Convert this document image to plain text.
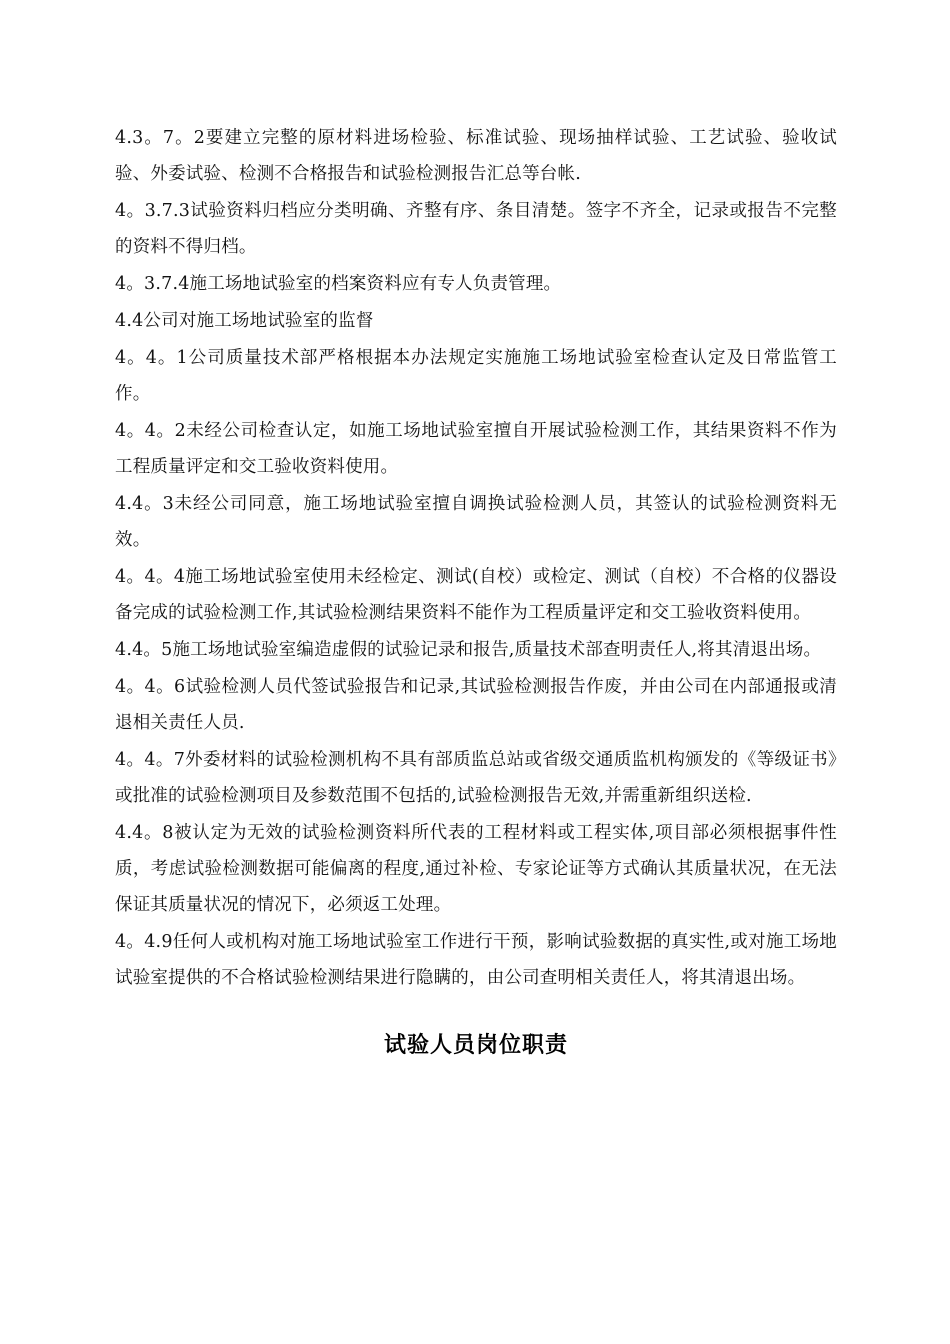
4.3。7。2要建立完整的原材料进场检验、标准试验、现场抽样试验、工艺试验、验收试验、外委试验、检测不合格报告和试验检测报告汇总等台帐.

4。3.7.3试验资料归档应分类明确、齐整有序、条目清楚。签字不齐全，记录或报告不完整的资料不得归档。

4。3.7.4施工场地试验室的档案资料应有专人负责管理。

4.4公司对施工场地试验室的监督

4。4。1公司质量技术部严格根据本办法规定实施施工场地试验室检查认定及日常监管工作。

4。4。2未经公司检查认定，如施工场地试验室擅自开展试验检测工作，其结果资料不作为工程质量评定和交工验收资料使用。

4.4。3未经公司同意，施工场地试验室擅自调换试验检测人员，其签认的试验检测资料无效。

4。4。4施工场地试验室使用未经检定、测试(自校）或检定、测试（自校）不合格的仪器设备完成的试验检测工作,其试验检测结果资料不能作为工程质量评定和交工验收资料使用。

4.4。5施工场地试验室编造虚假的试验记录和报告,质量技术部查明责任人,将其清退出场。

4。4。6试验检测人员代签试验报告和记录,其试验检测报告作废，并由公司在内部通报或清退相关责任人员.

4。4。7外委材料的试验检测机构不具有部质监总站或省级交通质监机构颁发的《等级证书》或批准的试验检测项目及参数范围不包括的,试验检测报告无效,并需重新组织送检.

4.4。8被认定为无效的试验检测资料所代表的工程材料或工程实体,项目部必须根据事件性质，考虑试验检测数据可能偏离的程度,通过补检、专家论证等方式确认其质量状况，在无法保证其质量状况的情况下，必须返工处理。

4。4.9任何人或机构对施工场地试验室工作进行干预，影响试验数据的真实性,或对施工场地试验室提供的不合格试验检测结果进行隐瞒的，由公司查明相关责任人，将其清退出场。

试验人员岗位职责
